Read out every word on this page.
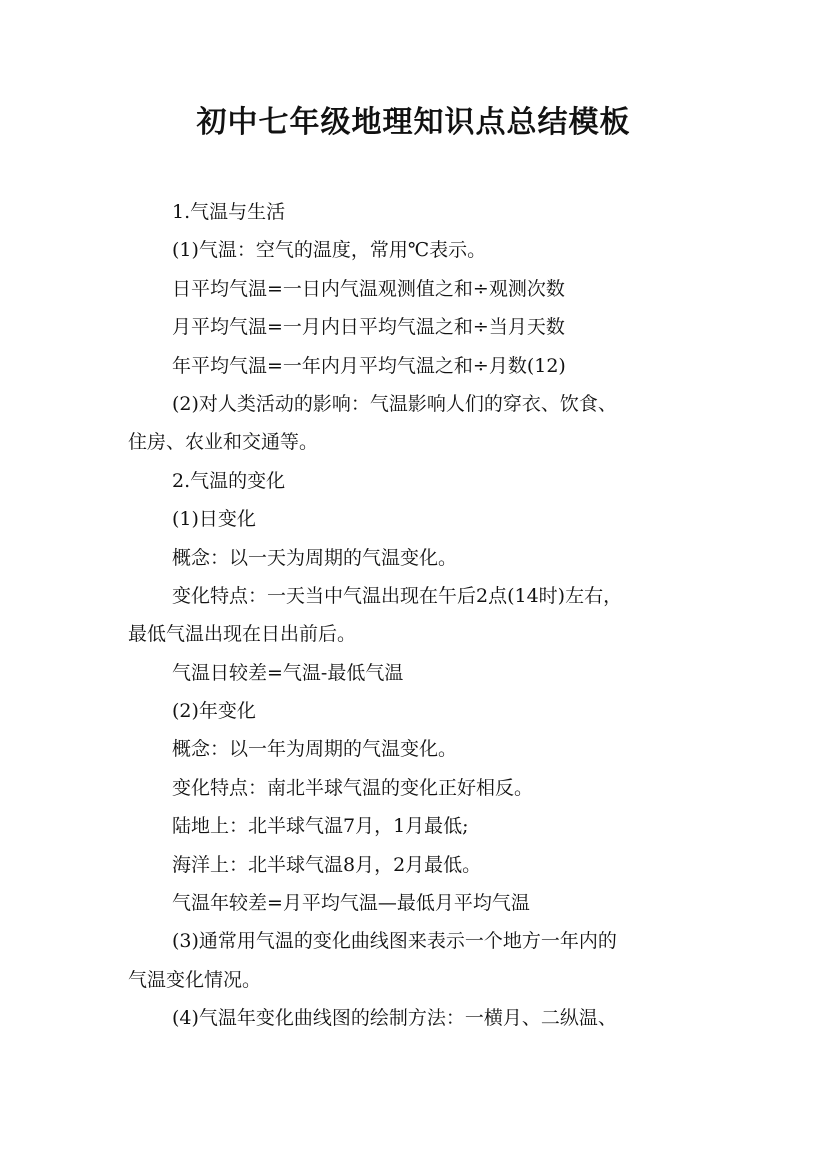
初中七年级地理知识点总结模板

1.气温与生活

(1)气温：空气的温度，常用℃表示。

日平均气温=一日内气温观测值之和÷观测次数

月平均气温=一月内日平均气温之和÷当月天数

年平均气温=一年内月平均气温之和÷月数(12)

(2)对人类活动的影响：气温影响人们的穿衣、饮食、

住房、农业和交通等。

2.气温的变化

(1)日变化

概念：以一天为周期的气温变化。

变化特点：一天当中气温出现在午后2点(14时)左右，

最低气温出现在日出前后。

气温日较差=气温-最低气温

(2)年变化

概念：以一年为周期的气温变化。

变化特点：南北半球气温的变化正好相反。

陆地上：北半球气温7月，1月最低;

海洋上：北半球气温8月，2月最低。

气温年较差=月平均气温—最低月平均气温

(3)通常用气温的变化曲线图来表示一个地方一年内的

气温变化情况。

(4)气温年变化曲线图的绘制方法：一横月、二纵温、
